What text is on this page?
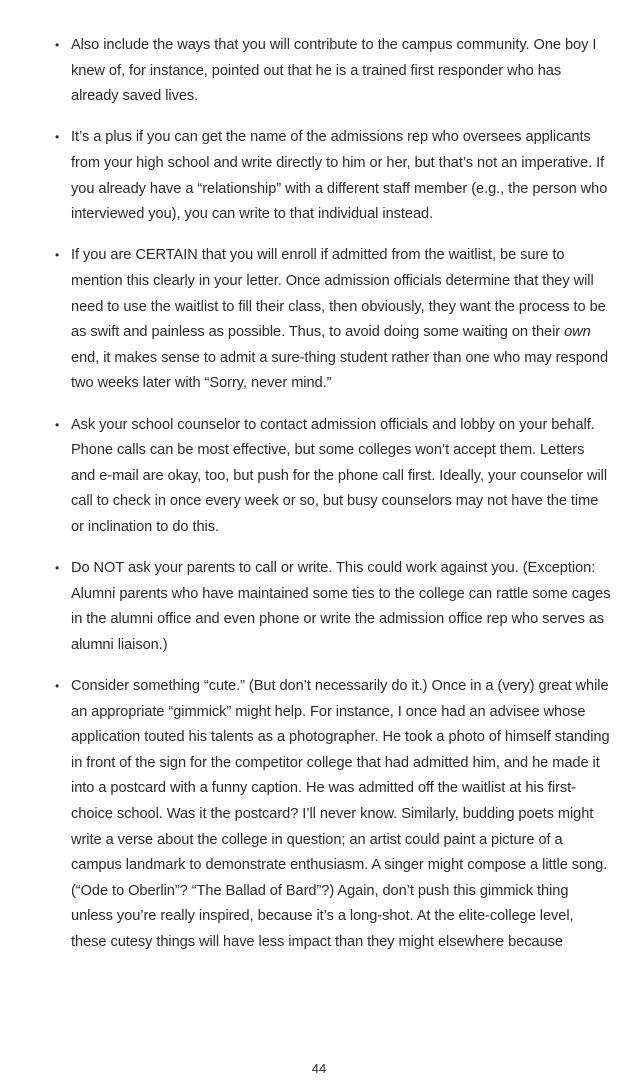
• Also include the ways that you will contribute to the campus community. One boy I knew of, for instance, pointed out that he is a trained first responder who has already saved lives.
• It’s a plus if you can get the name of the admissions rep who oversees applicants from your high school and write directly to him or her, but that’s not an imperative. If you already have a “relationship” with a different staff member (e.g., the person who interviewed you), you can write to that individual instead.
• If you are CERTAIN that you will enroll if admitted from the waitlist, be sure to mention this clearly in your letter. Once admission officials determine that they will need to use the waitlist to fill their class, then obviously, they want the process to be as swift and painless as possible. Thus, to avoid doing some waiting on their own end, it makes sense to admit a sure-thing student rather than one who may respond two weeks later with “Sorry, never mind.”
• Ask your school counselor to contact admission officials and lobby on your behalf. Phone calls can be most effective, but some colleges won’t accept them. Letters and e-mail are okay, too, but push for the phone call first. Ideally, your counselor will call to check in once every week or so, but busy counselors may not have the time or inclination to do this.
• Do NOT ask your parents to call or write. This could work against you. (Exception: Alumni parents who have maintained some ties to the college can rattle some cages in the alumni office and even phone or write the admission office rep who serves as alumni liaison.)
• Consider something “cute.” (But don’t necessarily do it.) Once in a (very) great while an appropriate “gimmick” might help. For instance, I once had an advisee whose application touted his talents as a photographer. He took a photo of himself standing in front of the sign for the competitor college that had admitted him, and he made it into a postcard with a funny caption. He was admitted off the waitlist at his first-choice school. Was it the postcard? I’ll never know. Similarly, budding poets might write a verse about the college in question; an artist could paint a picture of a campus landmark to demonstrate enthusiasm. A singer might compose a little song. (“Ode to Oberlin”? “The Ballad of Bard”?) Again, don’t push this gimmick thing unless you’re really inspired, because it’s a long-shot. At the elite-college level, these cutesy things will have less impact than they might elsewhere because
44
